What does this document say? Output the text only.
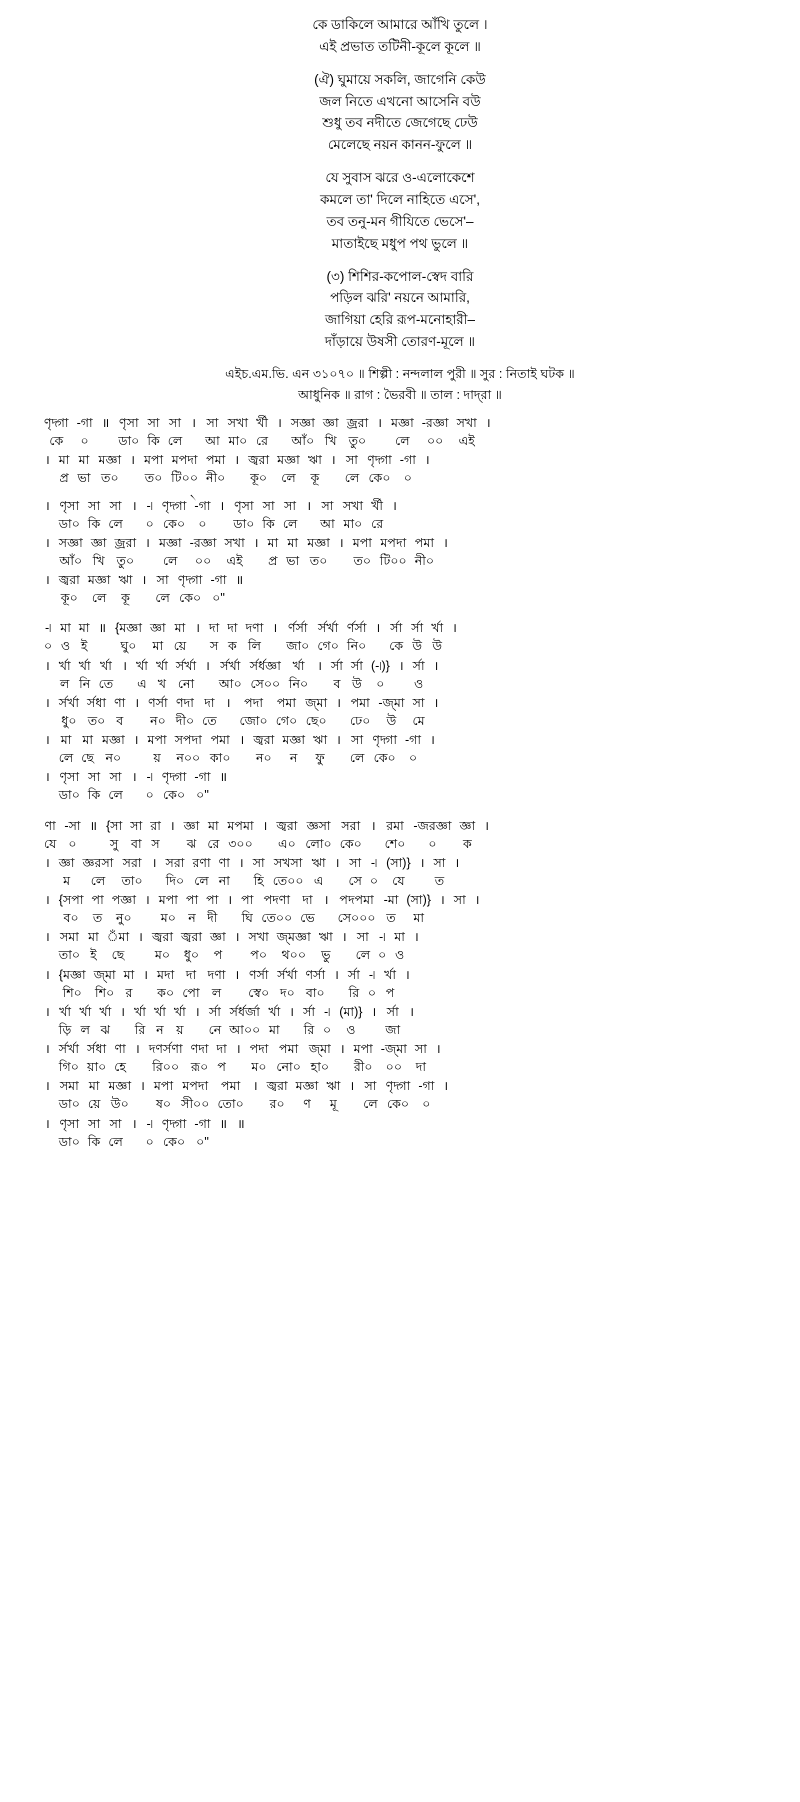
কে ডাকিলে আমারে আঁখি তুলে ।
এই প্রভাত তটিনী-কূলে কূলে ॥
(ঐ) ঘুমায়ে সকলি, জাগেনি কেউ
জল নিতে এখনো আসেনি বউ
শুধু তব নদীতে জেগেছে ঢেউ
মেলেছে নয়ন কানন-ফুলে ॥
যে সুবাস ঝরে ও-এলোকেশে
কমলে তা' দিলে নাহিতে এসে',
তব তনু-মন গীযিতে ভেসে'–
মাতাইছে মধুপ পথ ভুলে ॥
(৩) শিশির-কপোল-স্বেদ বারি
পড়িল ঝরি' নয়নে আমারি,
জাগিয়া হেরি রূপ-মনোহারী–
দাঁড়ায়ে উষসী তোরণ-মূলে ॥
এইচ.এম.ভি. এন ৩১০৭০ ॥ শিল্পী : নন্দলাল পুরী ॥ সুর : নিতাই ঘটক ॥
আধুনিক ॥ রাগ : ভৈরবী ॥ তাল : দাদ্‌রা ॥
ণৃদ্গা
কে
-গা
০
॥ ণৃসা
ডা০
সা
কি
সা
লে
। সা
আ
সখা
মা০
র্খী
রে
। সজ্ঞা
আঁ০
জ্ঞা
খি
জ্ররা
তু০
। মজ্ঞা
লে
-রজ্ঞা
০০
সখা
এই
।
। মা
প্র
মা
ভা
মজ্ঞা
ত০
। মপা
ত০
মপদা
টি০০
পমা
নী০
। জ্বরা
কূ০
মজ্ঞা
লে
ঋা
কূ
। সা
লে
ণৃদ্গা
কে০
-গা
০
।
৲
। ণৃসা
ডা০
সা
কি
সা
লে
। -৷
০
ণৃদ্গা
কে০
-গা
০
। ণৃসা
ডা০
সা
কি
সা
লে
। সা
আ
সখা
মা০
র্খী
রে
।
। সজ্ঞা
আঁ০
জ্ঞা
খি
জ্ররা
তু০
। মজ্ঞা
লে
-রজ্ঞা
০০
সখা
এই
। মা
প্র
মা
ভা
মজ্ঞা
ত০
। মপা
ত০
মপদা
টি০০
পমা
নী০
।
। জ্বরা
কূ০
মজ্ঞা
লে
ঋা
কূ
। সা
লে
ণৃদ্গা
কে০
-গা
০"
॥
-৷
০
মা
ও
মা
ই
॥ {মজ্ঞা
ঘু০
জ্ঞা
মা
মা
য়ে
। দা
স
দা
ক
দণা
লি
। র্ণর্সা
জা০
র্সর্খা
গে০
র্ণর্সা
নি০
। র্সা
কে
র্সা
উ
র্খা
উ
।
। র্খা
ল
র্খা
নি
র্খা
তে
। র্খা
এ
র্খা
খ
র্সর্খা
নো
। র্সর্খা
আ০
র্সর্ধজ্ঞা
সে০০
র্খা
নি০
। র্সা
ব
র্সা
উ
(-৷)}
০
। র্সা
ও
।
। র্সর্খা
ধু০
র্সধা
ত০
ণা
ব
। ণর্সা
ন০
ণদা
দী০
দা
তে
। পদা
জো০
পমা
গে০
জ্মা
ছে০
। পমা
ঢে০
-জ্মা
উ
সা
মে
।
। মা
লে
মা
ছে
মজ্ঞা
ন০
। মপা
য়
সপদা
ন০০
পমা
কা০
। জ্বরা
ন০
মজ্ঞা
ন
ঋা
ফু
। সা
লে
ণৃদ্গা
কে০
-গা
০
।
। ণৃসা
ডা০
সা
কি
সা
লে
। -৷
০
ণৃদ্গা
কে০
-গা
০"
॥
ণা
যে
-সা
০
॥ {সা
সু
সা
বা
রা
স
। জ্ঞা
ঝ
মা
রে
মপমা
৩০০
। জ্বরা
এ০
জ্ঞসা
লো০
সরা
কে০
। রমা
শে০
-জরজ্ঞা
০
জ্ঞা
ক
।
। জ্ঞা
ম
জ্ঞরসা
লে
সরা
তা০
। সরা
দি০
রণা
লে
ণা
না
। সা
হি
সখসা
তে০০
ঋা
এ
। সা
সে
-৷
০
(সা)}
যে
। সা
ত
।
। {সপা
ব০
পা
ত
পজ্ঞা
নু০
। মপা
ম০
পা
ন
পা
দী
। পা
ঘি
পদণা
তে০০
দা
ভে
। পদপমা
সে০০০
-মা
ত
(সা)}
মা
। সা
।
। সমা
তা০
মা
ই
ঁমা
ছে
। জ্বরা
ম০
জ্বরা
ধু০
জ্ঞা
প
। সখা
প০
জ্মজ্ঞা
থ০০
ঋা
ভু
। সা
লে
-৷
০
মা
ও
।
। {মজ্ঞা
শি০
জ্মা
শি০
মা
র
। মদা
ক০
দা
পো
দণা
ল
। ণর্সা
স্বে০
র্সর্খা
দ০
ণর্সা
বা০
। র্সা
রি
-৷
০
র্খা
প
।
। র্খা
ড়ি
র্খা
ল
র্খা
ঝ
। র্খা
রি
র্খা
ন
র্খা
য়
। র্সা
নে
র্সর্ধর্জা
আ০০
র্খা
মা
। র্সা
রি
-৷
০
(মা)}
ও
। র্সা
জা
।
। র্সর্খা
গি০
র্সধা
য়া০
ণা
হে
। দণর্সণা
রি০০
ণদা
রূ০
দা
প
। পদা
ম০
পমা
নো০
জ্মা
হা০
। মপা
রী০
-জ্মা
০০
সা
দা
।
। সমা
ডা০
মা
য়ে
মজ্ঞা
উ০
। মপা
ষ০
মপদা
সী০০
পমা
তো০
। জ্বরা
র০
মজ্ঞা
ণ
ঋা
মূ
। সা
লে
ণৃদ্গা
কে০
-গা
০
।
। ণৃসা
ডা০
সা
কি
সা
লে
। -৷
০
ণৃদ্গা
কে০
-গা
০"
॥ ॥
